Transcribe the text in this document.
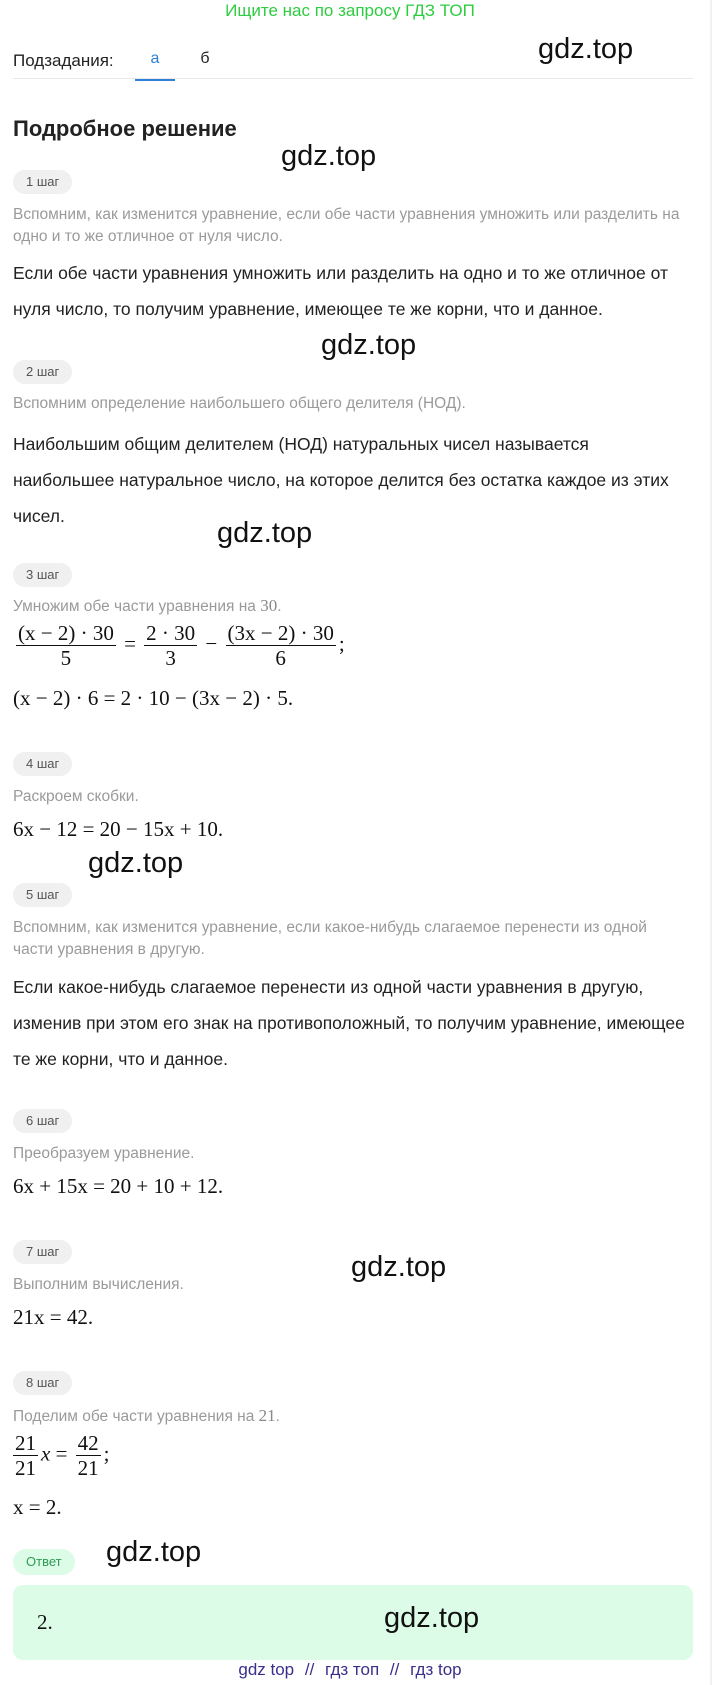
Ищите нас по запросу ГДЗ ТОП
Подзадания:	а	б	gdz.top
Подробное решение
gdz.top
1 шаг
Вспомним, как изменится уравнение, если обе части уравнения умножить или разделить на одно и то же отличное от нуля число.
Если обе части уравнения умножить или разделить на одно и то же отличное от нуля число, то получим уравнение, имеющее те же корни, что и данное.
gdz.top
2 шаг
Вспомним определение наибольшего общего делителя (НОД).
Наибольшим общим делителем (НОД) натуральных чисел называется наибольшее натуральное число, на которое делится без остатка каждое из этих чисел.
gdz.top
3 шаг
Умножим обе части уравнения на 30.
$\frac{(x - 2) \cdot 30}{5} = \frac{2 \cdot 30}{3} - \frac{(3x - 2) \cdot 30}{6}$ ;
(x − 2) · 6 = 2 · 10 − (3x − 2) · 5.
4 шаг
Раскроем скобки.
6x − 12 = 20 − 15x + 10.
gdz.top
5 шаг
Вспомним, как изменится уравнение, если какое-нибудь слагаемое перенести из одной части уравнения в другую.
Если какое-нибудь слагаемое перенести из одной части уравнения в другую, изменив при этом его знак на противоположный, то получим уравнение, имеющее те же корни, что и данное.
6 шаг
Преобразуем уравнение.
6x + 15x = 20 + 10 + 12.
gdz.top
7 шаг
Выполним вычисления.
21x = 42.
8 шаг
Поделим обе части уравнения на 21.
$\frac{21}{21}$ $x = \frac{42}{21}$ ;
x = 2.
Ответ	gdz.top
2.	gdz.top
gdz top // гдз топ // гдз top
